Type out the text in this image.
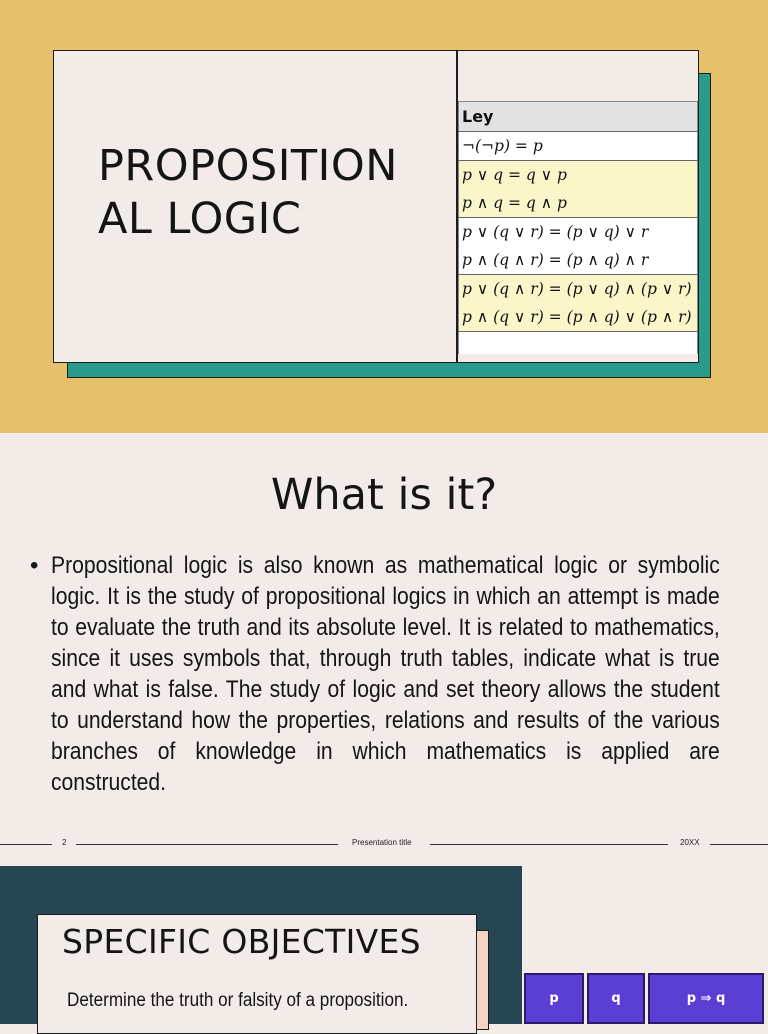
PROPOSITION AL LOGIC
Ley
¬(¬p) = p
p ∨ q = q ∨ p
p ∧ q = q ∧ p
p ∨ (q ∨ r) = (p ∨ q) ∨ r
p ∧ (q ∧ r) = (p ∧ q) ∧ r
p ∨ (q ∧ r) = (p ∨ q) ∧ (p ∨ r)
p ∧ (q ∨ r) = (p ∧ q) ∨ (p ∧ r)

What is it?
• Propositional logic is also known as mathematical logic or symbolic logic. It is the study of propositional logics in which an attempt is made to evaluate the truth and its absolute level. It is related to mathematics, since it uses symbols that, through truth tables, indicate what is true and what is false. The study of logic and set theory allows the student to understand how the properties, relations and results of the various branches of knowledge in which mathematics is applied are constructed.

2	Presentation title	20XX
SPECIFIC OBJECTIVES
Determine the truth or falsity of a proposition.	p	q	p ⇒ q
